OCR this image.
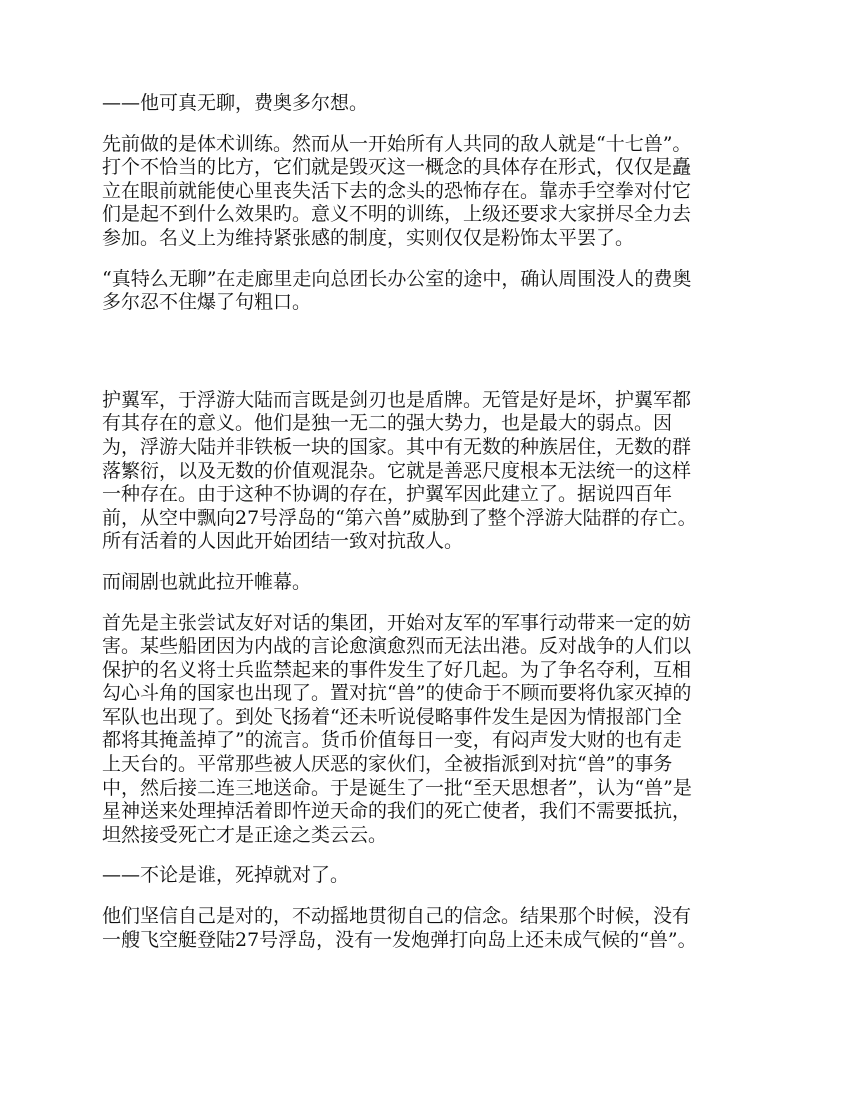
——他可真无聊，费奥多尔想。

先前做的是体术训练。然而从一开始所有人共同的敌人就是“十七兽”。
打个不恰当的比方，它们就是毁灭这一概念的具体存在形式，仅仅是矗
立在眼前就能使心里丧失活下去的念头的恐怖存在。靠赤手空拳对付它
们是起不到什么效果旳。意义不明的训练，上级还要求大家拼尽全力去
参加。名义上为维持紧张感的制度，实则仅仅是粉饰太平罢了。

“真特么无聊”在走廊里走向总团长办公室的途中，确认周围没人的费奥
多尔忍不住爆了句粗口。

护翼军，于浮游大陆而言既是剑刃也是盾牌。无管是好是坏，护翼军都
有其存在的意义。他们是独一无二的强大势力，也是最大的弱点。因
为，浮游大陆并非铁板一块的国家。其中有无数的种族居住，无数的群
落繁衍，以及无数的价值观混杂。它就是善恶尺度根本无法统一的这样
一种存在。由于这种不协调的存在，护翼军因此建立了。据说四百年
前，从空中飘向27号浮岛的“第六兽”威胁到了整个浮游大陆群的存亡。
所有活着的人因此开始团结一致对抗敌人。

而闹剧也就此拉开帷幕。

首先是主张尝试友好对话的集团，开始对友军的军事行动带来一定的妨
害。某些船团因为内战的言论愈演愈烈而无法出港。反对战争的人们以
保护的名义将士兵监禁起来的事件发生了好几起。为了争名夺利，互相
勾心斗角的国家也出现了。置对抗“兽”的使命于不顾而要将仇家灭掉的
军队也出现了。到处飞扬着“还未听说侵略事件发生是因为情报部门全
都将其掩盖掉了”的流言。货币价值每日一变，有闷声发大财的也有走
上天台的。平常那些被人厌恶的家伙们，全被指派到对抗“兽”的事务
中，然后接二连三地送命。于是诞生了一批“至天思想者”，认为“兽”是
星神送来处理掉活着即忤逆天命的我们的死亡使者，我们不需要抵抗，
坦然接受死亡才是正途之类云云。

——不论是谁，死掉就对了。

他们坚信自己是对的，不动摇地贯彻自己的信念。结果那个时候，没有
一艘飞空艇登陆27号浮岛，没有一发炮弹打向岛上还未成气候的“兽”。
